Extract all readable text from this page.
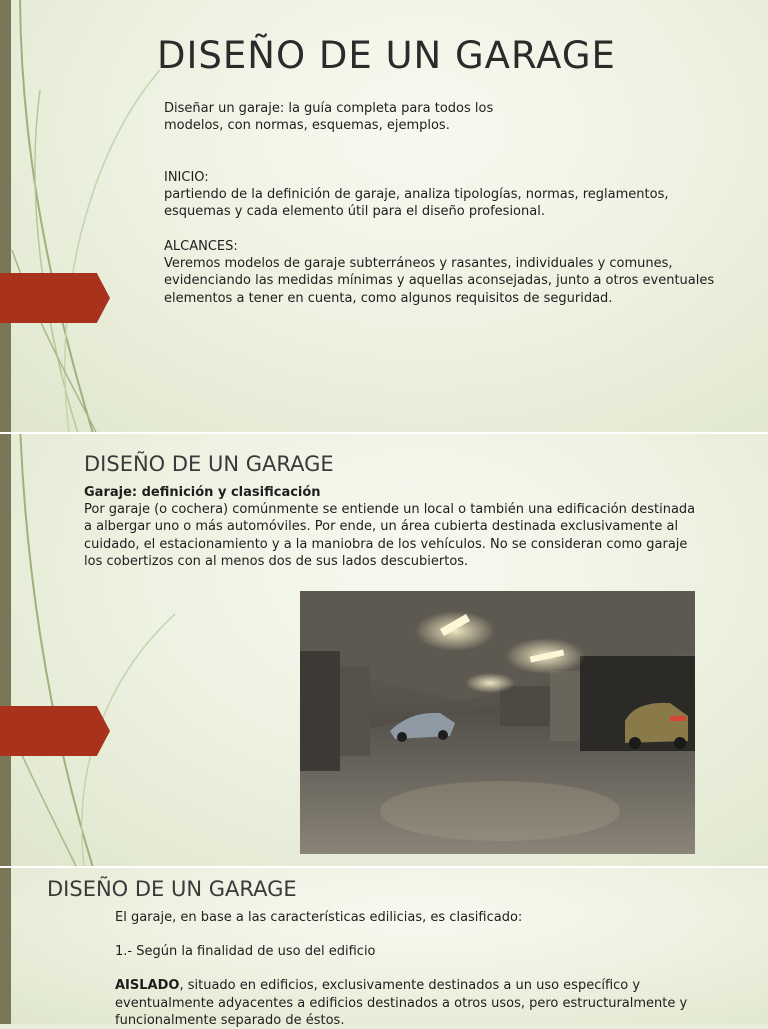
DISEÑO DE UN GARAGE

Diseñar un garaje: la guía completa para todos los modelos, con normas, esquemas, ejemplos.

INICIO:

partiendo de la definición de garaje, analiza tipologías, normas, reglamentos, esquemas y cada elemento útil para el diseño profesional.

ALCANCES:

Veremos modelos de garaje subterráneos y rasantes, individuales y comunes, evidenciando las medidas mínimas y aquellas aconsejadas, junto a otros eventuales elementos a tener en cuenta, como algunos requisitos de seguridad.

DISEÑO DE UN GARAGE

Garaje: definición y clasificación

Por garaje (o cochera) comúnmente se entiende un local o también una edificación destinada a albergar uno o más automóviles. Por ende, un área cubierta destinada exclusivamente al cuidado, el estacionamiento y a la maniobra de los vehículos. No se consideran como garaje los cobertizos con al menos dos de sus lados descubiertos.

DISEÑO DE UN GARAGE

El garaje, en base a las características edilicias, es clasificado:

1.- Según la finalidad de uso del edificio

AISLADO, situado en edificios, exclusivamente destinados a un uso específico y eventualmente adyacentes a edificios destinados a otros usos, pero estructuralmente y funcionalmente separado de éstos.
